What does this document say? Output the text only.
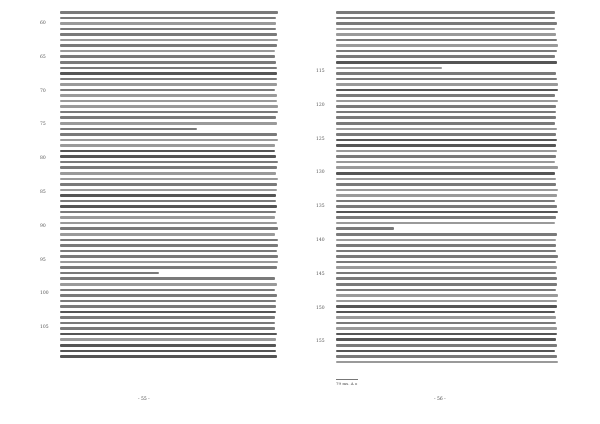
60
65
70
75
80
85
90
95
100
105
- 55 -
115
120
125
130
135
140
145
150
155
- 56 -
79 ms. A o
